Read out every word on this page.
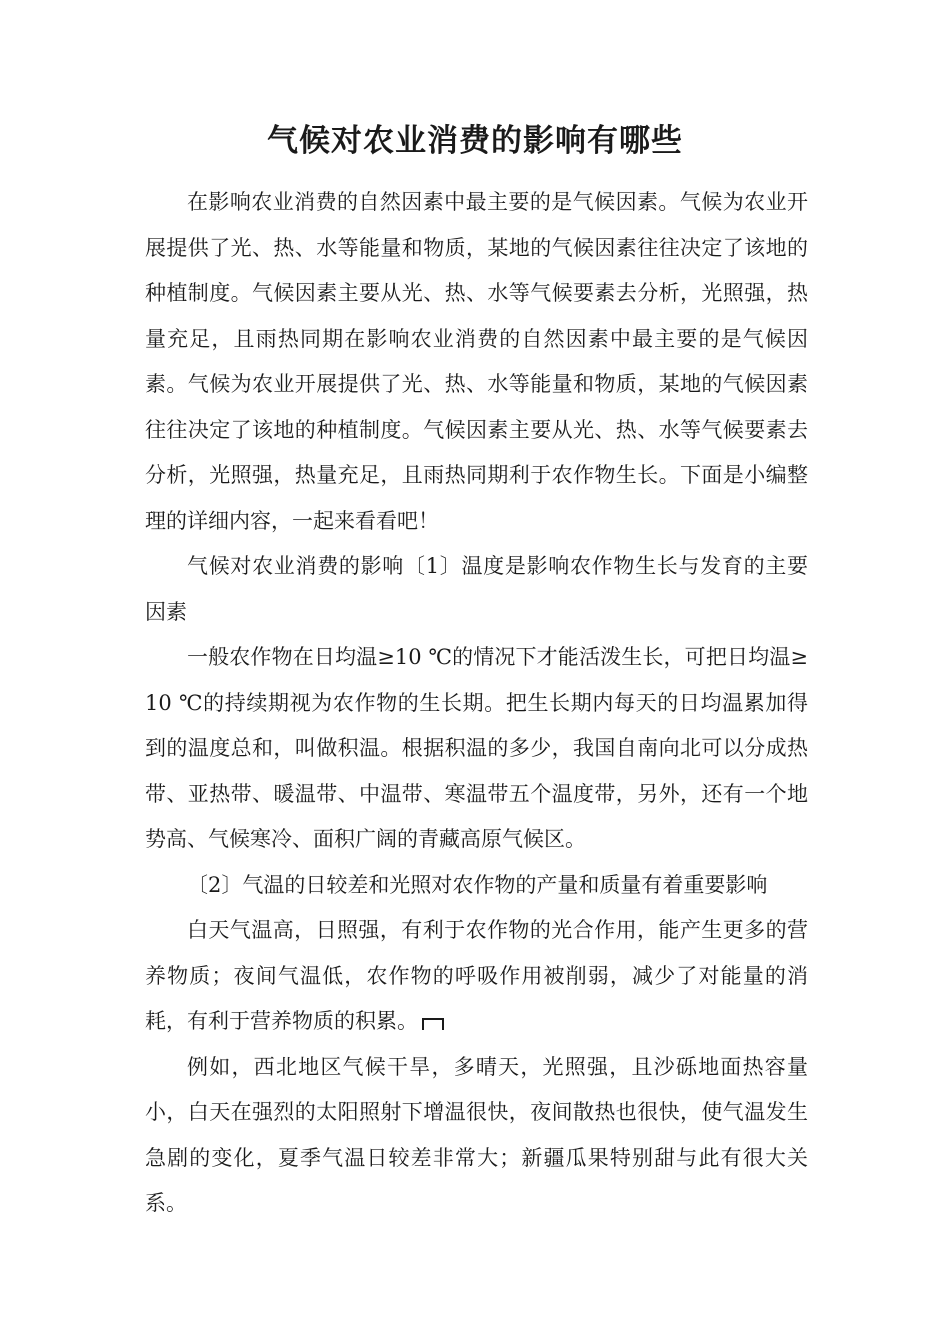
气候对农业消费的影响有哪些

在影响农业消费的自然因素中最主要的是气候因素。气候为农业开展提供了光、热、水等能量和物质，某地的气候因素往往决定了该地的种植制度。气候因素主要从光、热、水等气候要素去分析，光照强，热量充足，且雨热同期在影响农业消费的自然因素中最主要的是气候因素。气候为农业开展提供了光、热、水等能量和物质，某地的气候因素往往决定了该地的种植制度。气候因素主要从光、热、水等气候要素去分析，光照强，热量充足，且雨热同期利于农作物生长。下面是小编整理的详细内容，一起来看看吧！

气候对农业消费的影响〔1〕温度是影响农作物生长与发育的主要因素

一般农作物在日均温≥10 ℃的情况下才能活泼生长，可把日均温≥10 ℃的持续期视为农作物的生长期。把生长期内每天的日均温累加得到的温度总和，叫做积温。根据积温的多少，我国自南向北可以分成热带、亚热带、暖温带、中温带、寒温带五个温度带，另外，还有一个地势高、气候寒冷、面积广阔的青藏高原气候区。

〔2〕气温的日较差和光照对农作物的产量和质量有着重要影响

白天气温高，日照强，有利于农作物的光合作用，能产生更多的营养物质；夜间气温低，农作物的呼吸作用被削弱，减少了对能量的消耗，有利于营养物质的积累。

例如，西北地区气候干旱，多晴天，光照强，且沙砾地面热容量小，白天在强烈的太阳照射下增温很快，夜间散热也很快，使气温发生急剧的变化，夏季气温日较差非常大；新疆瓜果特别甜与此有很大关系。
